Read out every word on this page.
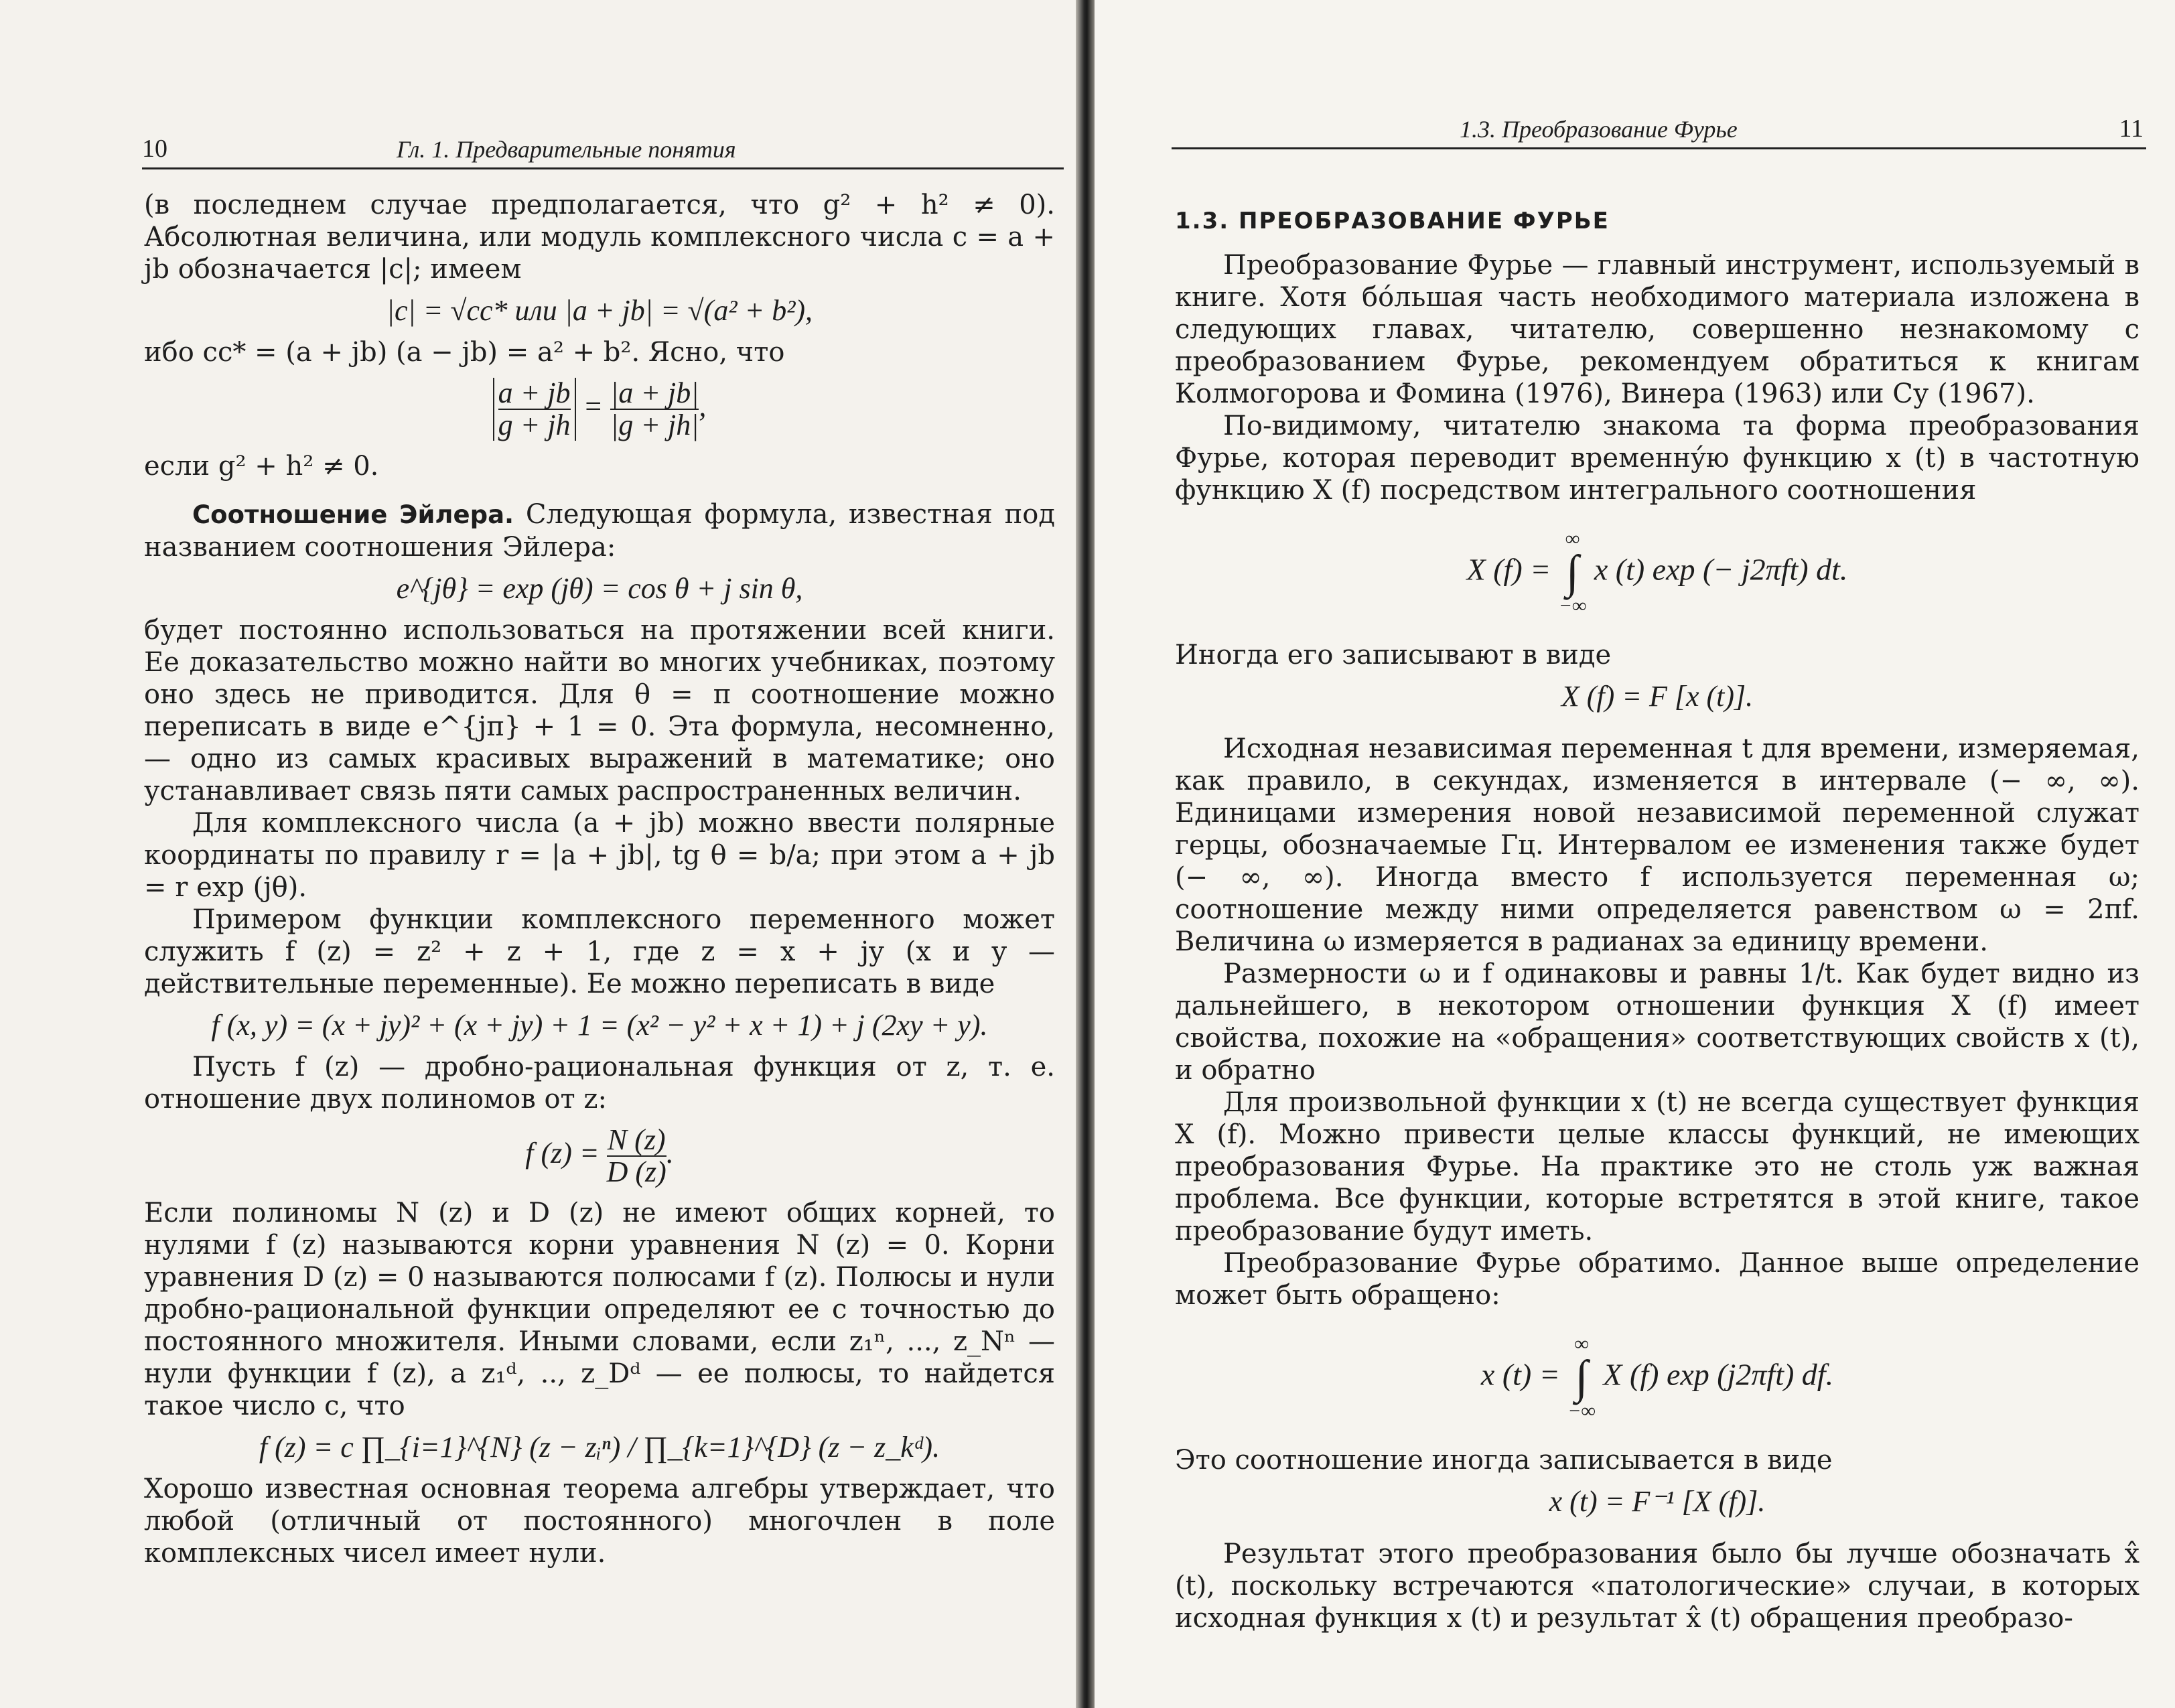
10	Гл. 1. Предварительные понятия

(в последнем случае предполагается, что g² + h² ≠ 0). Абсолютная величина, или модуль комплексного числа c = a + jb обозначается |c|; имеем

|c| = √cc* или |a + jb| = √(a² + b²),

ибо cc* = (a + jb) (a − jb) = a² + b². Ясно, что

$\frac{a + jb}{g + jh} = \frac{|a + jb|}{|g + jh|}$ ,

если g² + h² ≠ 0.

Соотношение Эйлера. Следующая формула, известная под названием соотношения Эйлера:

e^{jθ} = exp (jθ) = cos θ + j sin θ,

будет постоянно использоваться на протяжении всей книги. Ее доказательство можно найти во многих учебниках, поэтому оно здесь не приводится. Для θ = π соотношение можно переписать в виде e^{jπ} + 1 = 0. Эта формула, несомненно, — одно из самых красивых выражений в математике; оно устанавливает связь пяти самых распространенных величин.

Для комплексного числа (a + jb) можно ввести полярные координаты по правилу r = |a + jb|, tg θ = b/a; при этом a + jb = r exp (jθ).

Примером функции комплексного переменного может служить f (z) = z² + z + 1, где z = x + jy (x и y — действительные переменные). Ее можно переписать в виде

f (x, y) = (x + jy)² + (x + jy) + 1 = (x² − y² + x + 1) + j (2xy + y).

Пусть f (z) — дробно-рациональная функция от z, т. е. отношение двух полиномов от z:

f $(z) = \frac{N (z)}{D (z)}$ .

Если полиномы N (z) и D (z) не имеют общих корней, то нулями f (z) называются корни уравнения N (z) = 0. Корни уравнения D (z) = 0 называются полюсами f (z). Полюсы и нули дробно-рациональной функции определяют ее с точностью до постоянного множителя. Иными словами, если z₁ⁿ, ..., z_Nⁿ — нули функции f (z), а z₁ᵈ, .., z_Dᵈ — ее полюсы, то найдется такое число c, что

f (z) = c ∏_{i=1}^{N} (z − zᵢⁿ) / ∏_{k=1}^{D} (z − z_kᵈ).

Хорошо известная основная теорема алгебры утверждает, что любой (отличный от постоянного) многочлен в поле комплексных чисел имеет нули.

1.3. Преобразование Фурье	11
1.3. ПРЕОБРАЗОВАНИЕ ФУРЬЕ

Преобразование Фурье — главный инструмент, используемый в книге. Хотя бóльшая часть необходимого материала изложена в следующих главах, читателю, совершенно незнакомому с преобразованием Фурье, рекомендуем обратиться к книгам Колмогорова и Фомина (1976), Винера (1963) или Су (1967).

По-видимому, читателю знакома та форма преобразования Фурье, которая переводит временнýю функцию x (t) в частотную функцию X (f) посредством интегрального соотношения

X (f) = ∞
∫
−∞ x (t) exp (− j2πft) dt.

Иногда его записывают в виде

X (f) = F [x (t)].

Исходная независимая переменная t для времени, измеряемая, как правило, в секундах, изменяется в интервале (− ∞, ∞). Единицами измерения новой независимой переменной служат герцы, обозначаемые Гц. Интервалом ее изменения также будет (− ∞, ∞). Иногда вместо f используется переменная ω; соотношение между ними определяется равенством ω = 2πf. Величина ω измеряется в радианах за единицу времени.

Размерности ω и f одинаковы и равны 1/t. Как будет видно из дальнейшего, в некотором отношении функция X (f) имеет свойства, похожие на «обращения» соответствующих свойств x (t), и обратно

Для произвольной функции x (t) не всегда существует функция X (f). Можно привести целые классы функций, не имеющих преобразования Фурье. На практике это не столь уж важная проблема. Все функции, которые встретятся в этой книге, такое преобразование будут иметь.

Преобразование Фурье обратимо. Данное выше определение может быть обращено:

x (t) = ∞
∫
−∞ X (f) exp (j2πft) df.

Это соотношение иногда записывается в виде

x (t) = F⁻¹ [X (f)].

Результат этого преобразования было бы лучше обозначать x̂ (t), поскольку встречаются «патологические» случаи, в которых исходная функция x (t) и результат x̂ (t) обращения преобразо-
